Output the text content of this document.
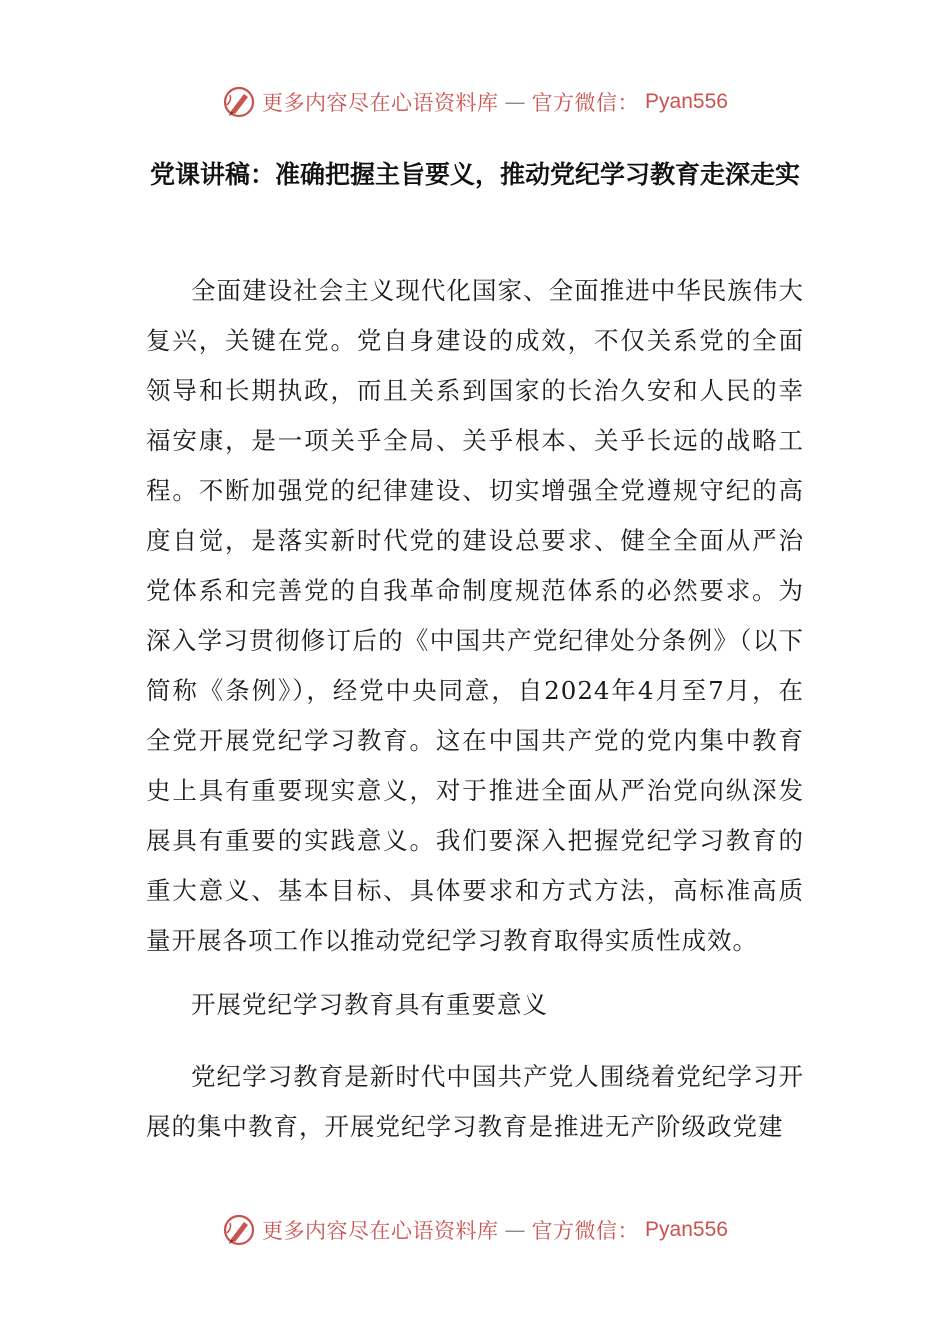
更多内容尽在心语资料库 — 官方微信： Pyan556
党课讲稿：准确把握主旨要义，推动党纪学习教育走深走实
全面建设社会主义现代化国家、全面推进中华民族伟大复兴，关键在党。党自身建设的成效，不仅关系党的全面领导和长期执政，而且关系到国家的长治久安和人民的幸福安康，是一项关乎全局、关乎根本、关乎长远的战略工程。不断加强党的纪律建设、切实增强全党遵规守纪的高度自觉，是落实新时代党的建设总要求、健全全面从严治党体系和完善党的自我革命制度规范体系的必然要求。为深入学习贯彻修订后的《中国共产党纪律处分条例》（以下简称《条例》），经党中央同意，自2024年4月至7月，在全党开展党纪学习教育。这在中国共产党的党内集中教育史上具有重要现实意义，对于推进全面从严治党向纵深发展具有重要的实践意义。我们要深入把握党纪学习教育的重大意义、基本目标、具体要求和方式方法，高标准高质量开展各项工作以推动党纪学习教育取得实质性成效。
开展党纪学习教育具有重要意义
党纪学习教育是新时代中国共产党人围绕着党纪学习开展的集中教育，开展党纪学习教育是推进无产阶级政党建
更多内容尽在心语资料库 — 官方微信： Pyan556
